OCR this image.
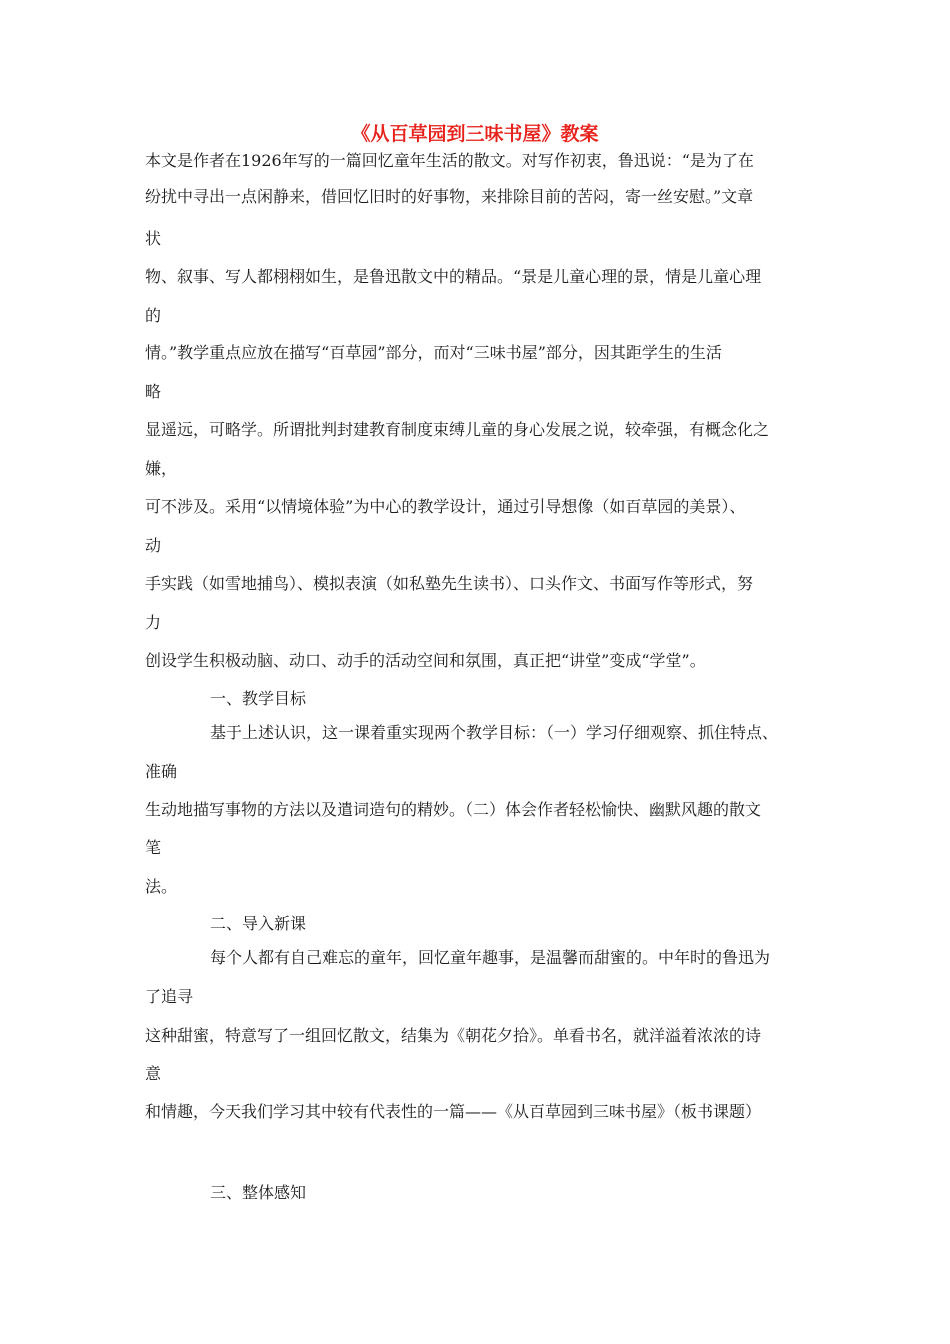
《从百草园到三味书屋》教案
本文是作者在1926年写的一篇回忆童年生活的散文。对写作初衷，鲁迅说：“是为了在
纷扰中寻出一点闲静来，借回忆旧时的好事物，来排除目前的苦闷，寄一丝安慰。”文章
状
物、叙事、写人都栩栩如生，是鲁迅散文中的精品。“景是儿童心理的景，情是儿童心理
的
情。”教学重点应放在描写“百草园”部分，而对“三味书屋”部分，因其距学生的生活
略
显遥远，可略学。所谓批判封建教育制度束缚儿童的身心发展之说，较牵强，有概念化之
嫌，
可不涉及。采用“以情境体验”为中心的教学设计，通过引导想像（如百草园的美景）、
动
手实践（如雪地捕鸟）、模拟表演（如私塾先生读书）、口头作文、书面写作等形式，努
力
创设学生积极动脑、动口、动手的活动空间和氛围，真正把“讲堂”变成“学堂”。
一、教学目标
基于上述认识，这一课着重实现两个教学目标：（一）学习仔细观察、抓住特点、
准确
生动地描写事物的方法以及遣词造句的精妙。（二）体会作者轻松愉快、幽默风趣的散文
笔
法。
二、导入新课
每个人都有自己难忘的童年，回忆童年趣事，是温馨而甜蜜的。中年时的鲁迅为
了追寻
这种甜蜜，特意写了一组回忆散文，结集为《朝花夕拾》。单看书名，就洋溢着浓浓的诗
意
和情趣，今天我们学习其中较有代表性的一篇——《从百草园到三味书屋》（板书课题）
三、整体感知
